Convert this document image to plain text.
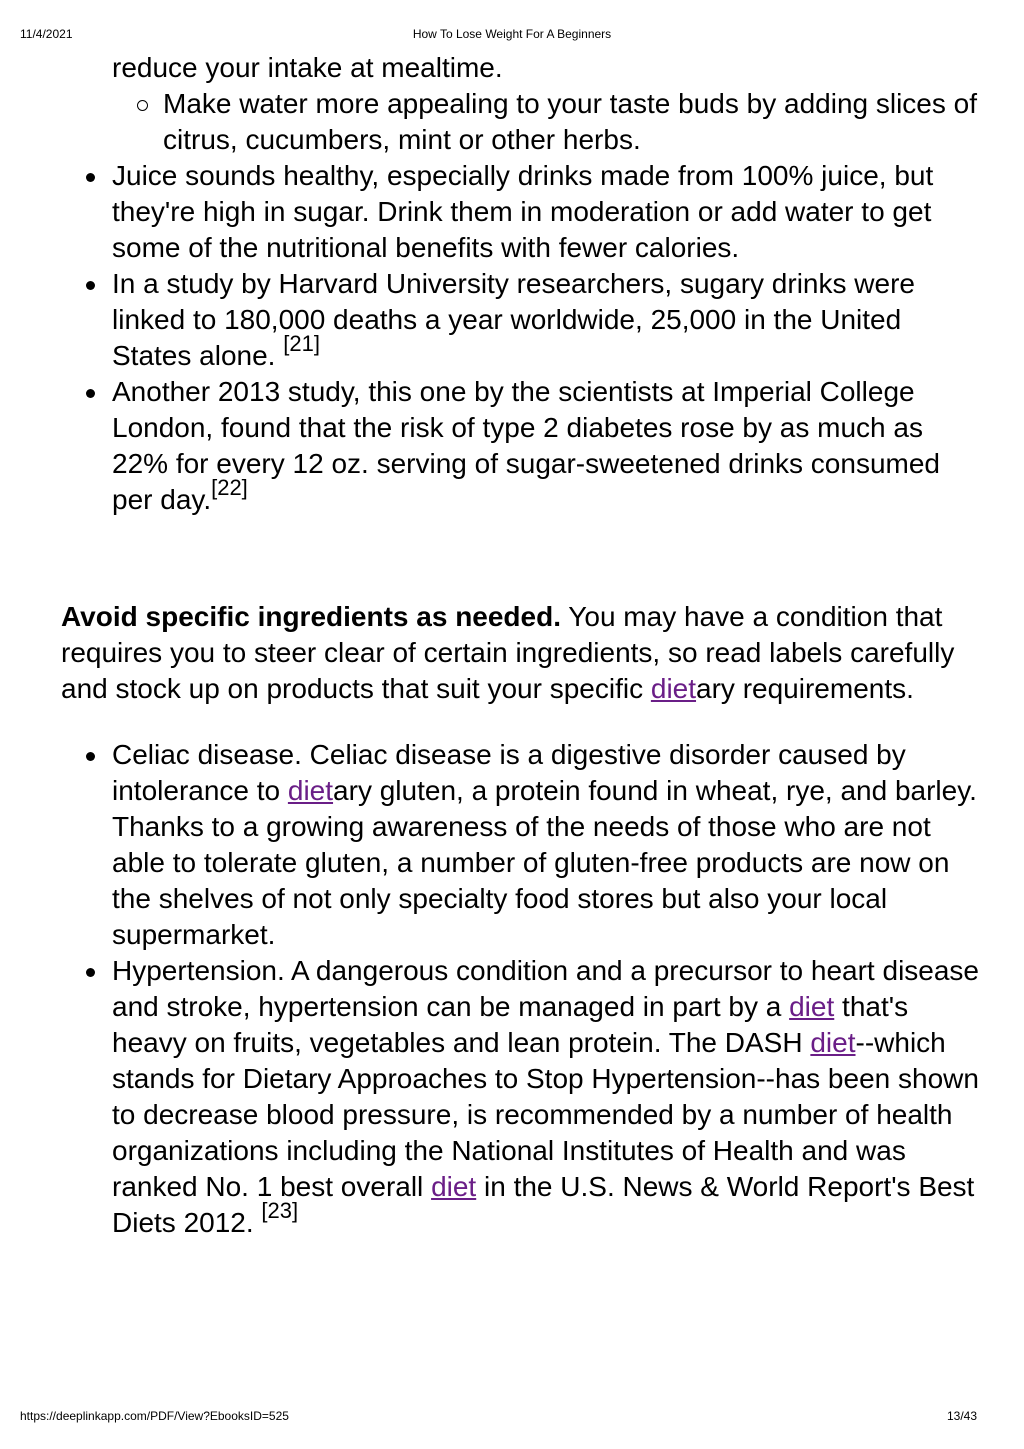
11/4/2021	How To Lose Weight For A Beginners

reduce your intake at mealtime.

Make water more appealing to your taste buds by adding slices of citrus, cucumbers, mint or other herbs.
Juice sounds healthy, especially drinks made from 100% juice, but they're high in sugar. Drink them in moderation or add water to get some of the nutritional benefits with fewer calories.
In a study by Harvard University researchers, sugary drinks were linked to 180,000 deaths a year worldwide, 25,000 in the United States alone. [21]
Another 2013 study, this one by the scientists at Imperial College London, found that the risk of type 2 diabetes rose by as much as 22% for every 12 oz. serving of sugar-sweetened drinks consumed per day.[22]

Avoid specific ingredients as needed. You may have a condition that requires you to steer clear of certain ingredients, so read labels carefully and stock up on products that suit your specific dietary requirements.

Celiac disease. Celiac disease is a digestive disorder caused by intolerance to dietary gluten, a protein found in wheat, rye, and barley. Thanks to a growing awareness of the needs of those who are not able to tolerate gluten, a number of gluten-free products are now on the shelves of not only specialty food stores but also your local supermarket.
Hypertension. A dangerous condition and a precursor to heart disease and stroke, hypertension can be managed in part by a diet that's heavy on fruits, vegetables and lean protein. The DASH diet--which stands for Dietary Approaches to Stop Hypertension--has been shown to decrease blood pressure, is recommended by a number of health organizations including the National Institutes of Health and was ranked No. 1 best overall diet in the U.S. News & World Report's Best Diets 2012. [23]
https://deeplinkapp.com/PDF/View?EbooksID=525	13/43
